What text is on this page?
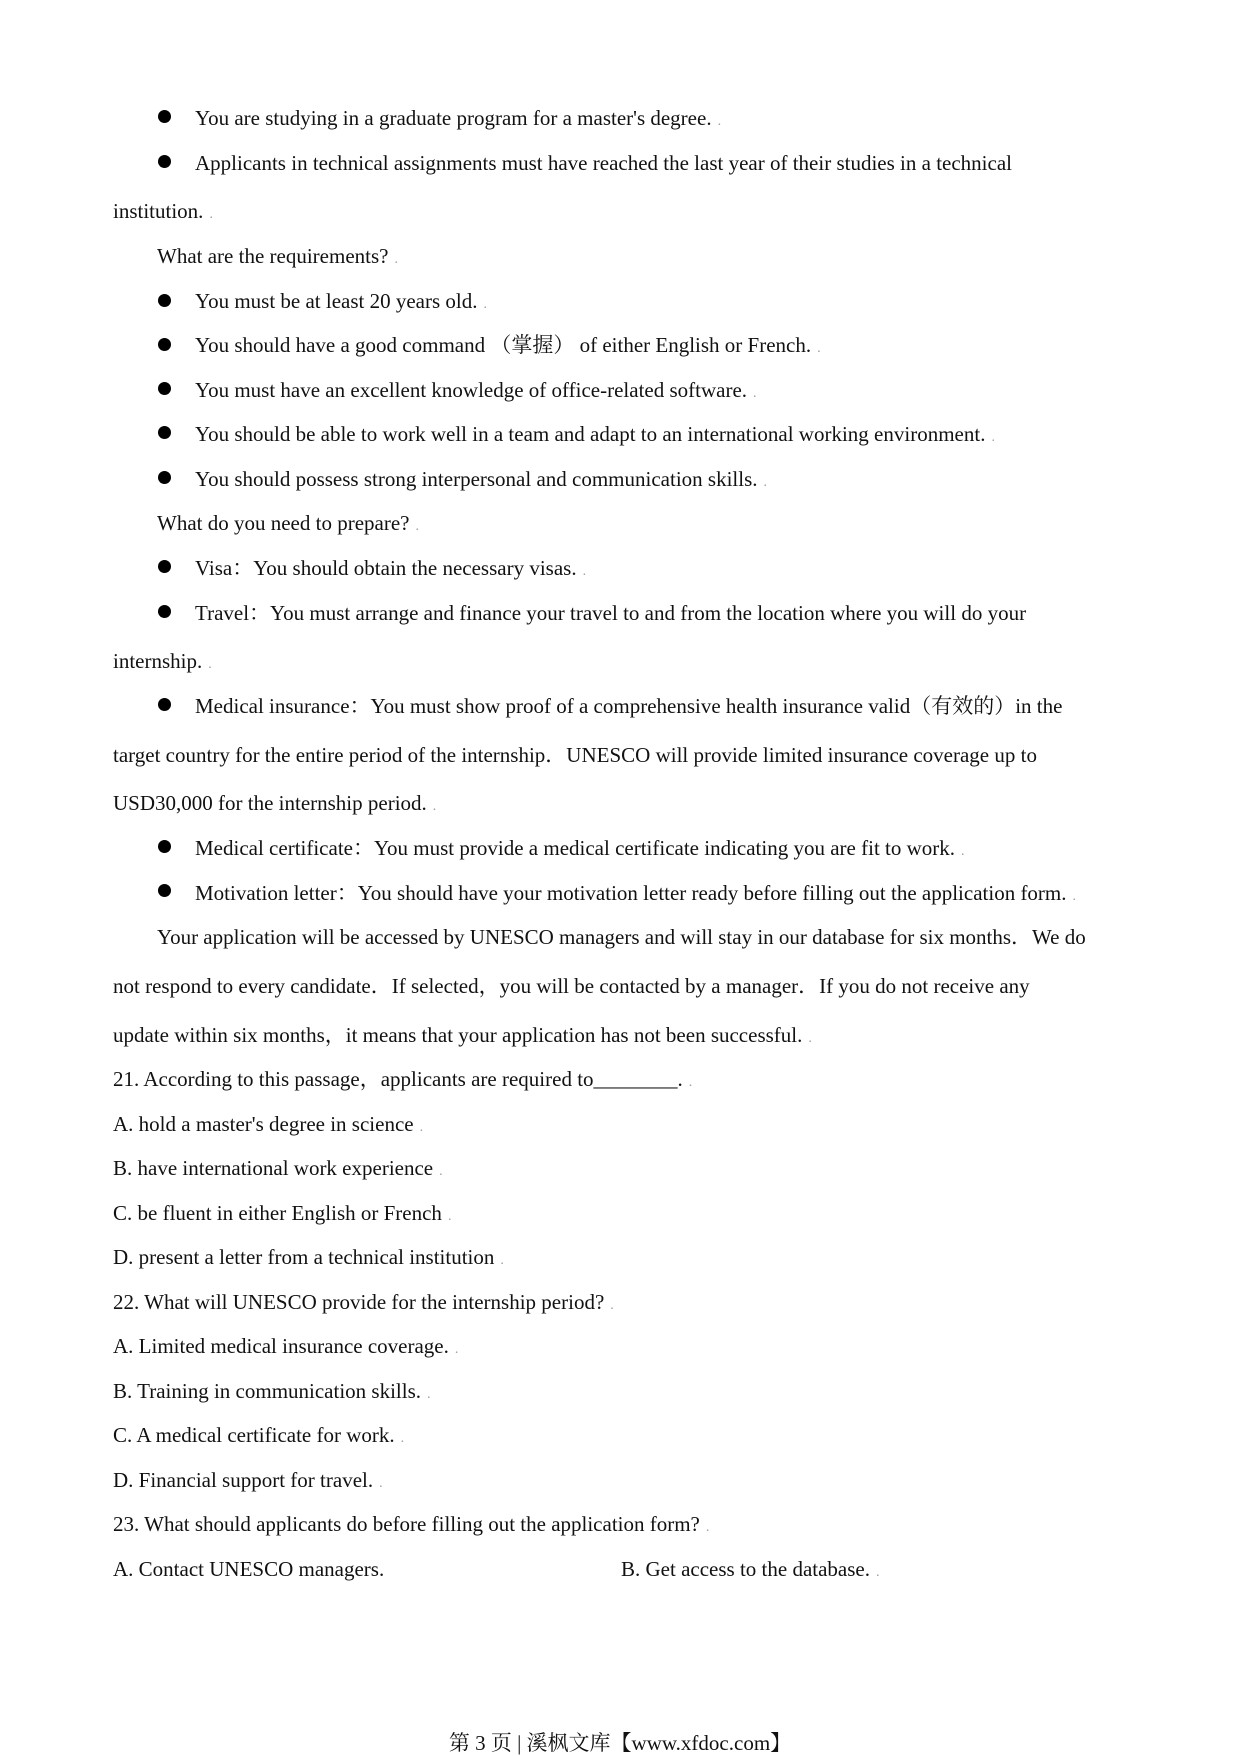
You are studying in a graduate program for a master's degree. .
Applicants in technical assignments must have reached the last year of their studies in a technical
institution. .
What are the requirements? .
You must be at least 20 years old. .
You should have a good command （掌握） of either English or French. .
You must have an excellent knowledge of office-related software. .
You should be able to work well in a team and adapt to an international working environment. .
You should possess strong interpersonal and communication skills. .
What do you need to prepare? .
Visa：You should obtain the necessary visas. .
Travel：You must arrange and finance your travel to and from the location where you will do your
internship. .
Medical insurance：You must show proof of a comprehensive health insurance valid（有效的）in the
target country for the entire period of the internship．UNESCO will provide limited insurance coverage up to
USD30,000 for the internship period. .
Medical certificate：You must provide a medical certificate indicating you are fit to work. .
Motivation letter：You should have your motivation letter ready before filling out the application form. .
Your application will be accessed by UNESCO managers and will stay in our database for six months．We do
not respond to every candidate．If selected，you will be contacted by a manager．If you do not receive any
update within six months，it means that your application has not been successful. .
21. According to this passage，applicants are required to________. .
A. hold a master's degree in science .
B. have international work experience .
C. be fluent in either English or French .
D. present a letter from a technical institution .
22. What will UNESCO provide for the internship period? .
A. Limited medical insurance coverage. .
B. Training in communication skills. .
C. A medical certificate for work. .
D. Financial support for travel. .
23. What should applicants do before filling out the application form? .
A. Contact UNESCO managers.	B. Get access to the database. .
第 3 页 | 溪枫文库【www.xfdoc.com】
